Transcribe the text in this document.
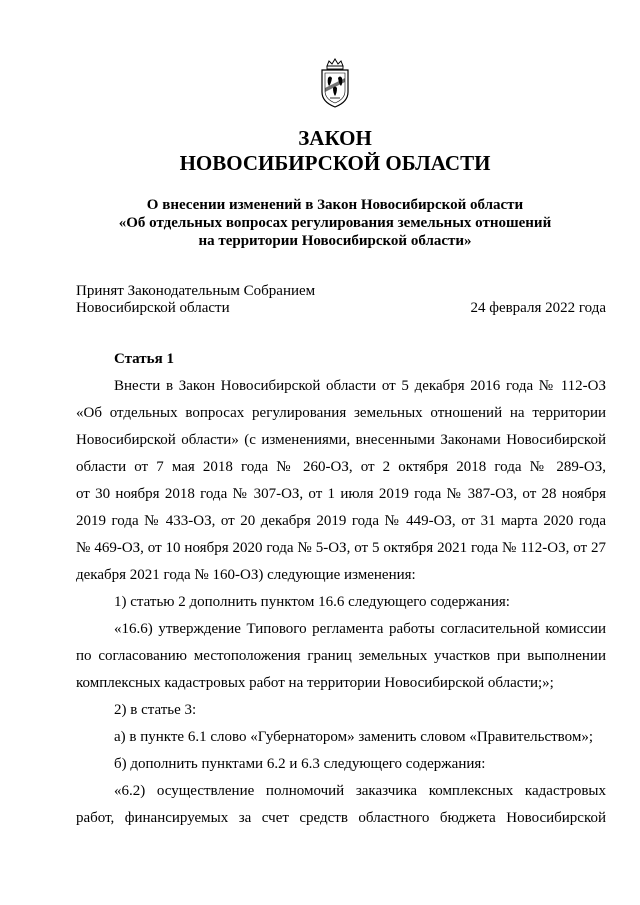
ЗАКОН
НОВОСИБИРСКОЙ ОБЛАСТИ
О внесении изменений в Закон Новосибирской области
«Об отдельных вопросах регулирования земельных отношений
на территории Новосибирской области»
Принят Законодательным Собранием
Новосибирской области	24 февраля 2022 года
Статья 1
Внести в Закон Новосибирской области от 5 декабря 2016 года № 112-ОЗ
«Об отдельных вопросах регулирования земельных отношений на территории
Новосибирской области» (с изменениями, внесенными Законами Новосибирской
области от 7 мая 2018 года № 260-ОЗ, от 2 октября 2018 года № 289-ОЗ,
от 30 ноября 2018 года № 307-ОЗ, от 1 июля 2019 года № 387-ОЗ, от 28 ноября
2019 года № 433-ОЗ, от 20 декабря 2019 года № 449-ОЗ, от 31 марта 2020 года
№ 469-ОЗ, от 10 ноября 2020 года № 5-ОЗ, от 5 октября 2021 года № 112-ОЗ, от 27
декабря 2021 года № 160-ОЗ) следующие изменения:
1) статью 2 дополнить пунктом 16.6 следующего содержания:
«16.6) утверждение Типового регламента работы согласительной комиссии
по согласованию местоположения границ земельных участков при выполнении
комплексных кадастровых работ на территории Новосибирской области;»;
2) в статье 3:
а) в пункте 6.1 слово «Губернатором» заменить словом «Правительством»;
б) дополнить пунктами 6.2 и 6.3 следующего содержания:
«6.2) осуществление полномочий заказчика комплексных кадастровых
работ, финансируемых за счет средств областного бюджета Новосибирской
